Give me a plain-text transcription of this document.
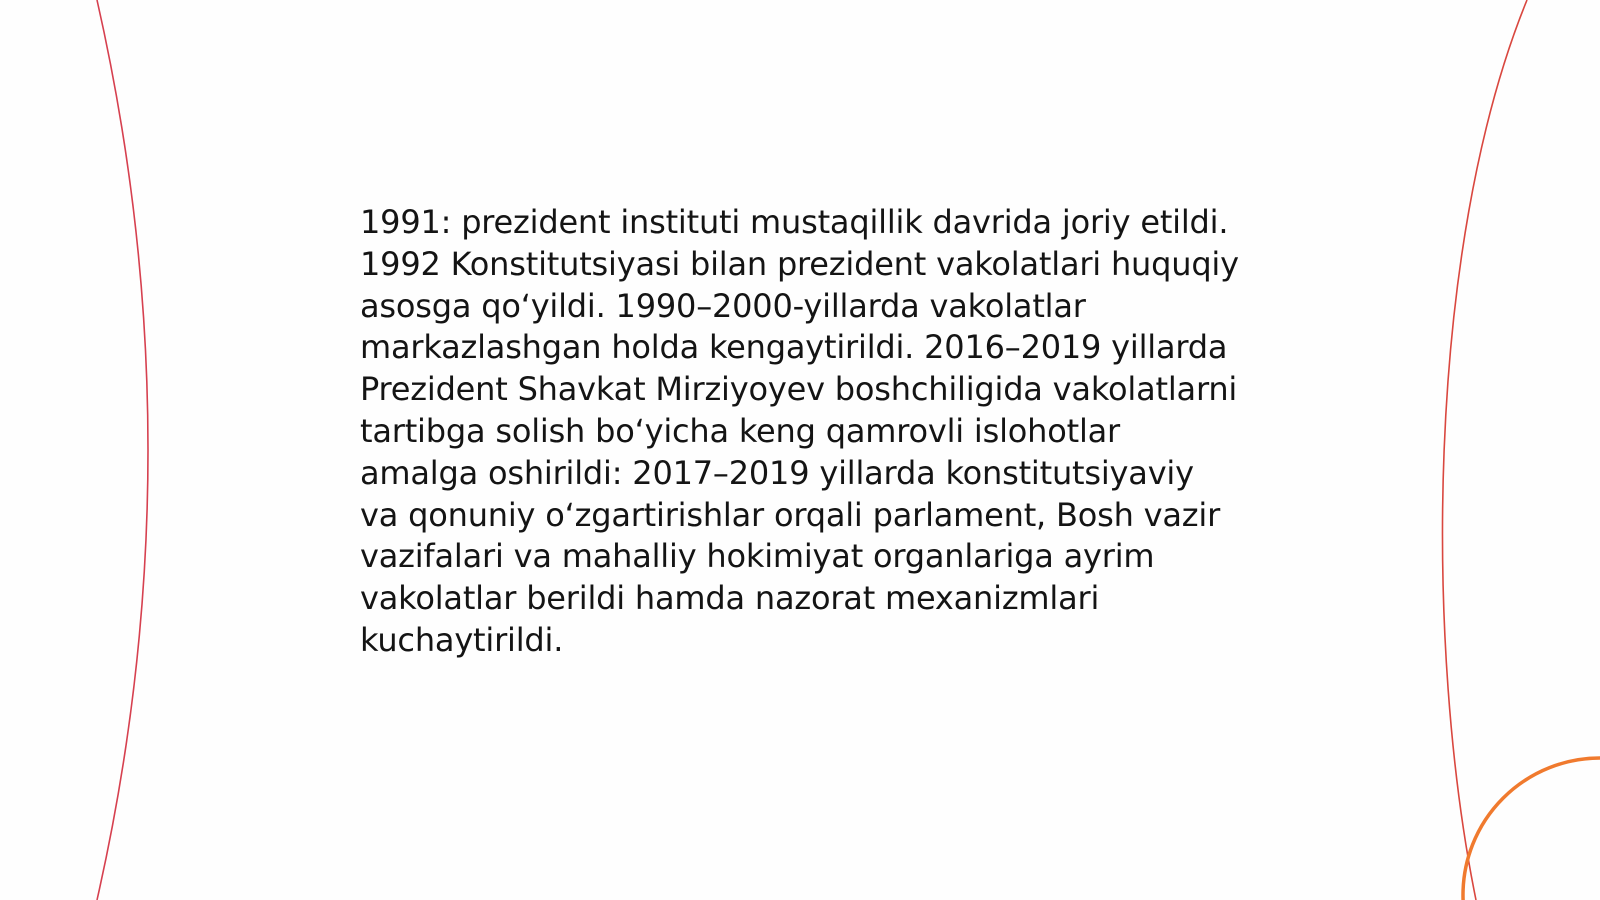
1991: prezident instituti mustaqillik davrida joriy etildi. 1992 Konstitutsiyasi bilan prezident vakolatlari huquqiy asosga qo‘yildi. 1990–2000-yillarda vakolatlar markazlashgan holda kengaytirildi. 2016–2019 yillarda Prezident Shavkat Mirziyoyev boshchiligida vakolatlarni tartibga solish bo‘yicha keng qamrovli islohotlar amalga oshirildi: 2017–2019 yillarda konstitutsiyaviy va qonuniy o‘zgartirishlar orqali parlament, Bosh vazir vazifalari va mahalliy hokimiyat organlariga ayrim vakolatlar berildi hamda nazorat mexanizmlari kuchaytirildi.
